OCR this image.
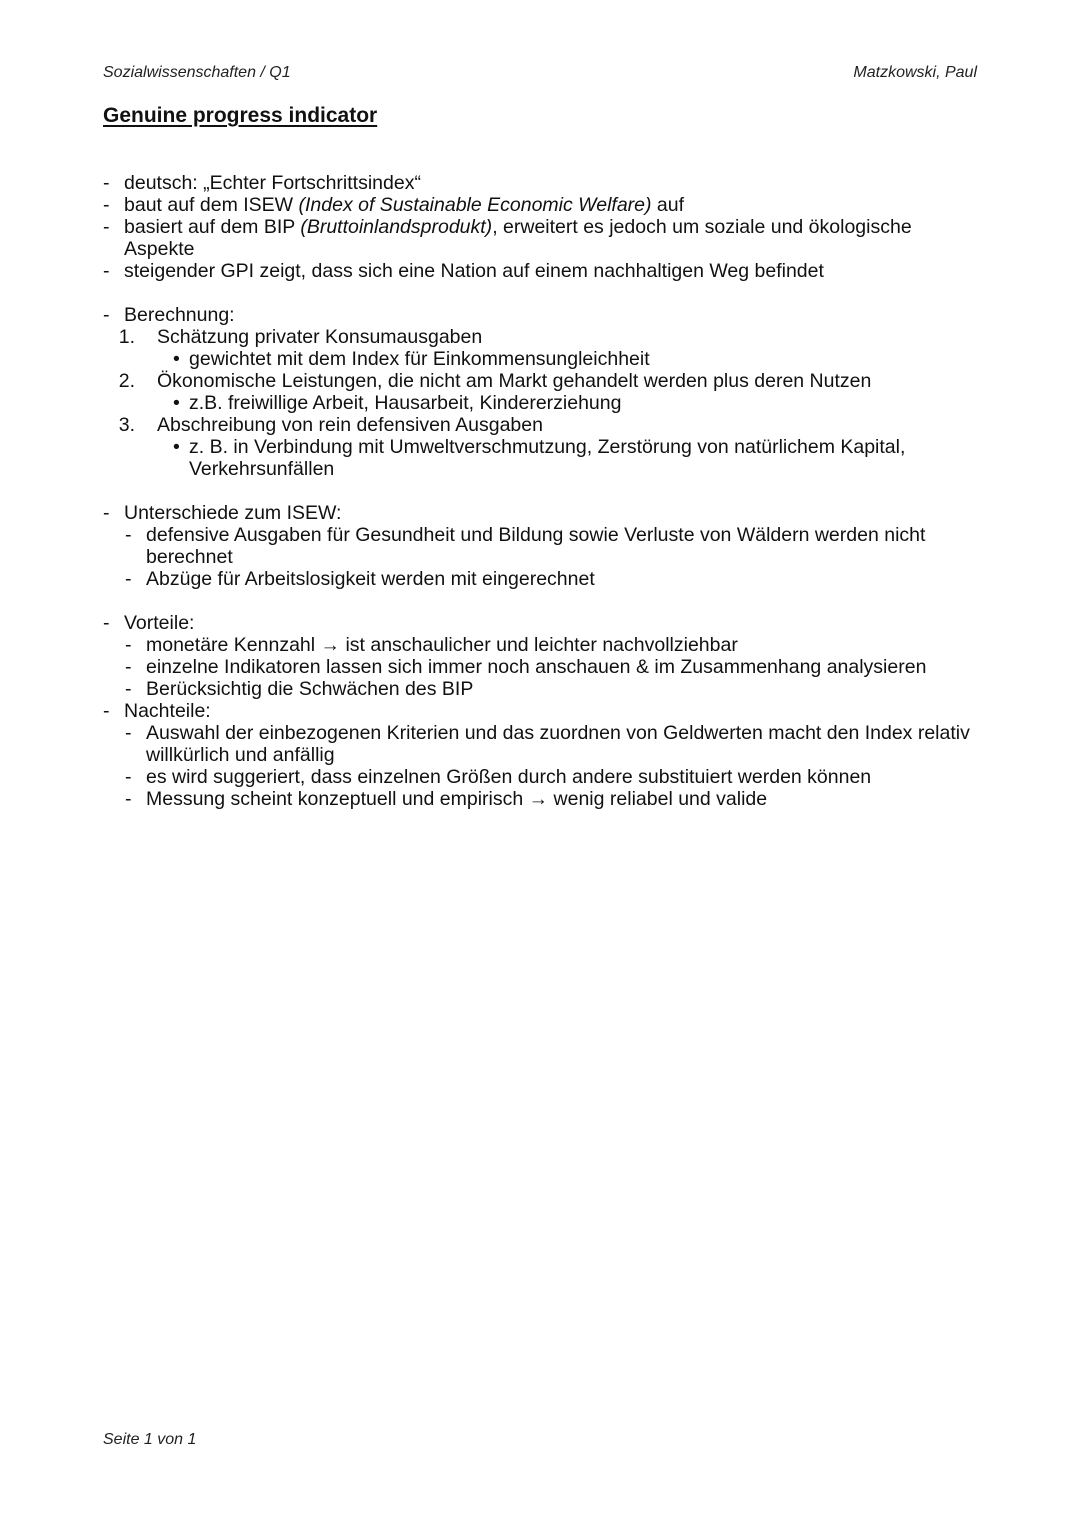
Sozialwissenschaften / Q1	Matzkowski, Paul
Genuine progress indicator
- deutsch: „Echter Fortschrittsindex“
- baut auf dem ISEW (Index of Sustainable Economic Welfare) auf
- basiert auf dem BIP (Bruttoinlandsprodukt), erweitert es jedoch um soziale und ökologische Aspekte
- steigender GPI zeigt, dass sich eine Nation auf einem nachhaltigen Weg befindet
- Berechnung:
1. Schätzung privater Konsumausgaben
• gewichtet mit dem Index für Einkommensungleichheit
2. Ökonomische Leistungen, die nicht am Markt gehandelt werden plus deren Nutzen
• z.B. freiwillige Arbeit, Hausarbeit, Kindererziehung
3. Abschreibung von rein defensiven Ausgaben
• z. B. in Verbindung mit Umweltverschmutzung, Zerstörung von natürlichem Kapital, Verkehrsunfällen
- Unterschiede zum ISEW:
- defensive Ausgaben für Gesundheit und Bildung sowie Verluste von Wäldern werden nicht berechnet
- Abzüge für Arbeitslosigkeit werden mit eingerechnet
- Vorteile:
- monetäre Kennzahl → ist anschaulicher und leichter nachvollziehbar
- einzelne Indikatoren lassen sich immer noch anschauen & im Zusammenhang analysieren
- Berücksichtig die Schwächen des BIP
- Nachteile:
- Auswahl der einbezogenen Kriterien und das zuordnen von Geldwerten macht den Index relativ willkürlich und anfällig
- es wird suggeriert, dass einzelnen Größen durch andere substituiert werden können
- Messung scheint konzeptuell und empirisch → wenig reliabel und valide
Seite 1 von 1
